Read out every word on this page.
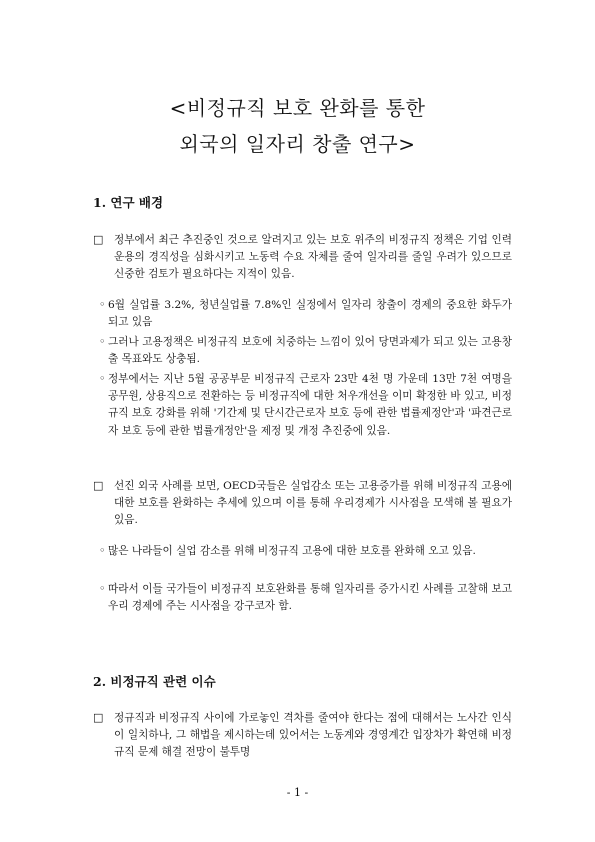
<비정규직 보호 완화를 통한
외국의 일자리 창출 연구>
1. 연구 배경
□ 정부에서 최근 추진중인 것으로 알려지고 있는 보호 위주의 비정규직 정책은 기업 인력운용의 경직성을 심화시키고 노동력 수요 자체를 줄여 일자리를 줄일 우려가 있으므로 신중한 검토가 필요하다는 지적이 있음.
◦ 6월 실업률 3.2%, 청년실업률 7.8%인 실정에서 일자리 창출이 경제의 중요한 화두가 되고 있음
◦ 그러나 고용정책은 비정규직 보호에 치중하는 느낌이 있어 당면과제가 되고 있는 고용창출 목표와도 상충됨.
◦ 정부에서는 지난 5월 공공부문 비정규직 근로자 23만 4천 명 가운데 13만 7천 여명을 공무원, 상용직으로 전환하는 등 비정규직에 대한 처우개선을 이미 확정한 바 있고, 비정규직 보호 강화를 위해 '기간제 및 단시간근로자 보호 등에 관한 법률제정안'과 '파견근로자 보호 등에 관한 법률개정안'을 제정 및 개정 추진중에 있음.
□ 선진 외국 사례를 보면, OECD국들은 실업감소 또는 고용증가를 위해 비정규직 고용에 대한 보호를 완화하는 추세에 있으며 이를 통해 우리경제가 시사점을 모색해 볼 필요가 있음.
◦ 많은 나라들이 실업 감소를 위해 비정규직 고용에 대한 보호를 완화해 오고 있음.
◦ 따라서 이들 국가들이 비정규직 보호완화를 통해 일자리를 증가시킨 사례를 고찰해 보고 우리 경제에 주는 시사점을 강구코자 함.
2. 비정규직 관련 이슈
□ 정규직과 비정규직 사이에 가로놓인 격차를 줄여야 한다는 점에 대해서는 노사간 인식이 일치하나, 그 해법을 제시하는데 있어서는 노동계와 경영계간 입장차가 확연해 비정규직 문제 해결 전망이 불투명
- 1 -
